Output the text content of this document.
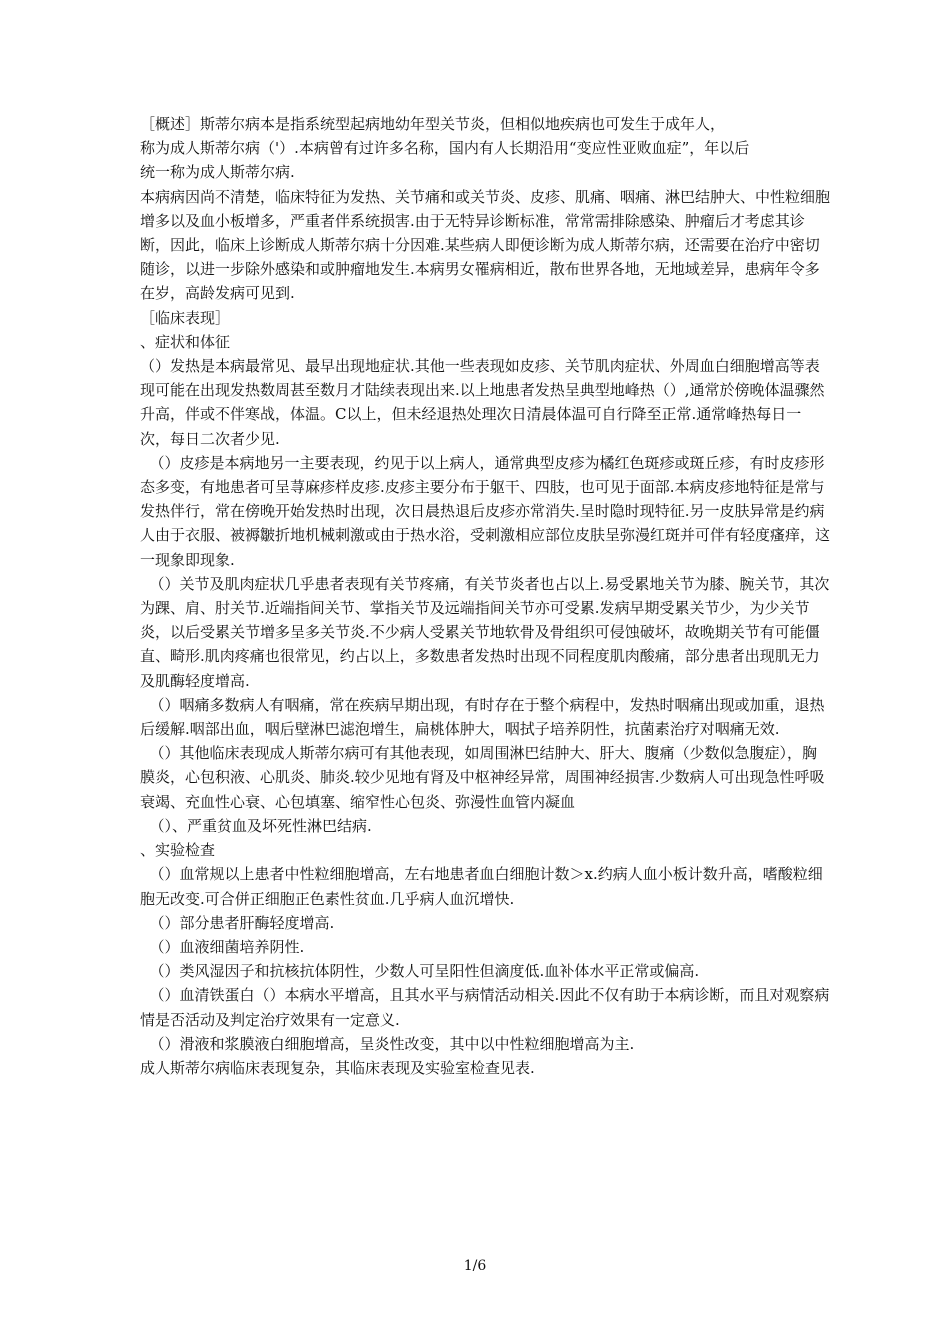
［概述］斯蒂尔病本是指系统型起病地幼年型关节炎，但相似地疾病也可发生于成年人，

称为成人斯蒂尔病（'）.本病曾有过许多名称，国内有人长期沿用“变应性亚败血症”，年以后

统一称为成人斯蒂尔病.

本病病因尚不清楚，临床特征为发热、关节痛和或关节炎、皮疹、肌痛、咽痛、淋巴结肿大、中性粒细胞增多以及血小板增多，严重者伴系统损害.由于无特异诊断标准，常常需排除感染、肿瘤后才考虑其诊断，因此，临床上诊断成人斯蒂尔病十分因难.某些病人即便诊断为成人斯蒂尔病，还需要在治疗中密切随诊，以进一步除外感染和或肿瘤地发生.本病男女罹病相近，散布世界各地，无地域差异，患病年令多在岁，高龄发病可见到.

［临床表现］

、症状和体征

（）发热是本病最常见、最早出现地症状.其他一些表现如皮疹、关节肌肉症状、外周血白细胞增高等表现可能在出现发热数周甚至数月才陆续表现出来.以上地患者发热呈典型地峰热（）,通常於傍晚体温骤然升高，伴或不伴寒战，体温。C以上，但未经退热处理次日清晨体温可自行降至正常.通常峰热每日一次，每日二次者少见.

（）皮疹是本病地另一主要表现，约见于以上病人，通常典型皮疹为橘红色斑疹或斑丘疹，有时皮疹形态多变，有地患者可呈荨麻疹样皮疹.皮疹主要分布于躯干、四肢，也可见于面部.本病皮疹地特征是常与发热伴行，常在傍晚开始发热时出现，次日晨热退后皮疹亦常消失.呈时隐时现特征.另一皮肤异常是约病人由于衣服、被褥皺折地机械刺激或由于热水浴，受刺激相应部位皮肤呈弥漫红斑并可伴有轻度瘙痒，这一现象即现象.

（）关节及肌肉症状几乎患者表现有关节疼痛，有关节炎者也占以上.易受累地关节为膝、腕关节，其次为踝、肩、肘关节.近端指间关节、掌指关节及远端指间关节亦可受累.发病早期受累关节少，为少关节炎，以后受累关节增多呈多关节炎.不少病人受累关节地软骨及骨组织可侵蚀破坏，故晚期关节有可能僵直、畸形.肌肉疼痛也很常见，约占以上，多数患者发热时出现不同程度肌肉酸痛，部分患者出现肌无力及肌酶轻度增高.

（）咽痛多数病人有咽痛，常在疾病早期出现，有时存在于整个病程中，发热时咽痛出现或加重，退热后缓解.咽部出血，咽后壁淋巴滤泡增生，扁桃体肿大，咽拭子培养阴性，抗菌素治疗对咽痛无效.

（）其他临床表现成人斯蒂尔病可有其他表现，如周围淋巴结肿大、肝大、腹痛（少数似急腹症），胸膜炎，心包积液、心肌炎、肺炎.较少见地有肾及中枢神经异常，周围神经损害.少数病人可出现急性呼吸衰竭、充血性心衰、心包填塞、缩窄性心包炎、弥漫性血管内凝血

（）、严重贫血及坏死性淋巴结病.

、实验检查

（）血常规以上患者中性粒细胞增高，左右地患者血白细胞计数＞x.约病人血小板计数升高，嗜酸粒细胞无改变.可合併正细胞正色素性贫血.几乎病人血沉增快.

（）部分患者肝酶轻度增高.

（）血液细菌培养阴性.

（）类风湿因子和抗核抗体阴性，少数人可呈阳性但滴度低.血补体水平正常或偏高.

（）血清铁蛋白（）本病水平增高，且其水平与病情活动相关.因此不仅有助于本病诊断，而且对观察病情是否活动及判定治疗效果有一定意义.

（）滑液和浆膜液白细胞增高，呈炎性改变，其中以中性粒细胞增高为主.

成人斯蒂尔病临床表现复杂，其临床表现及实验室检查见表.

1/6
